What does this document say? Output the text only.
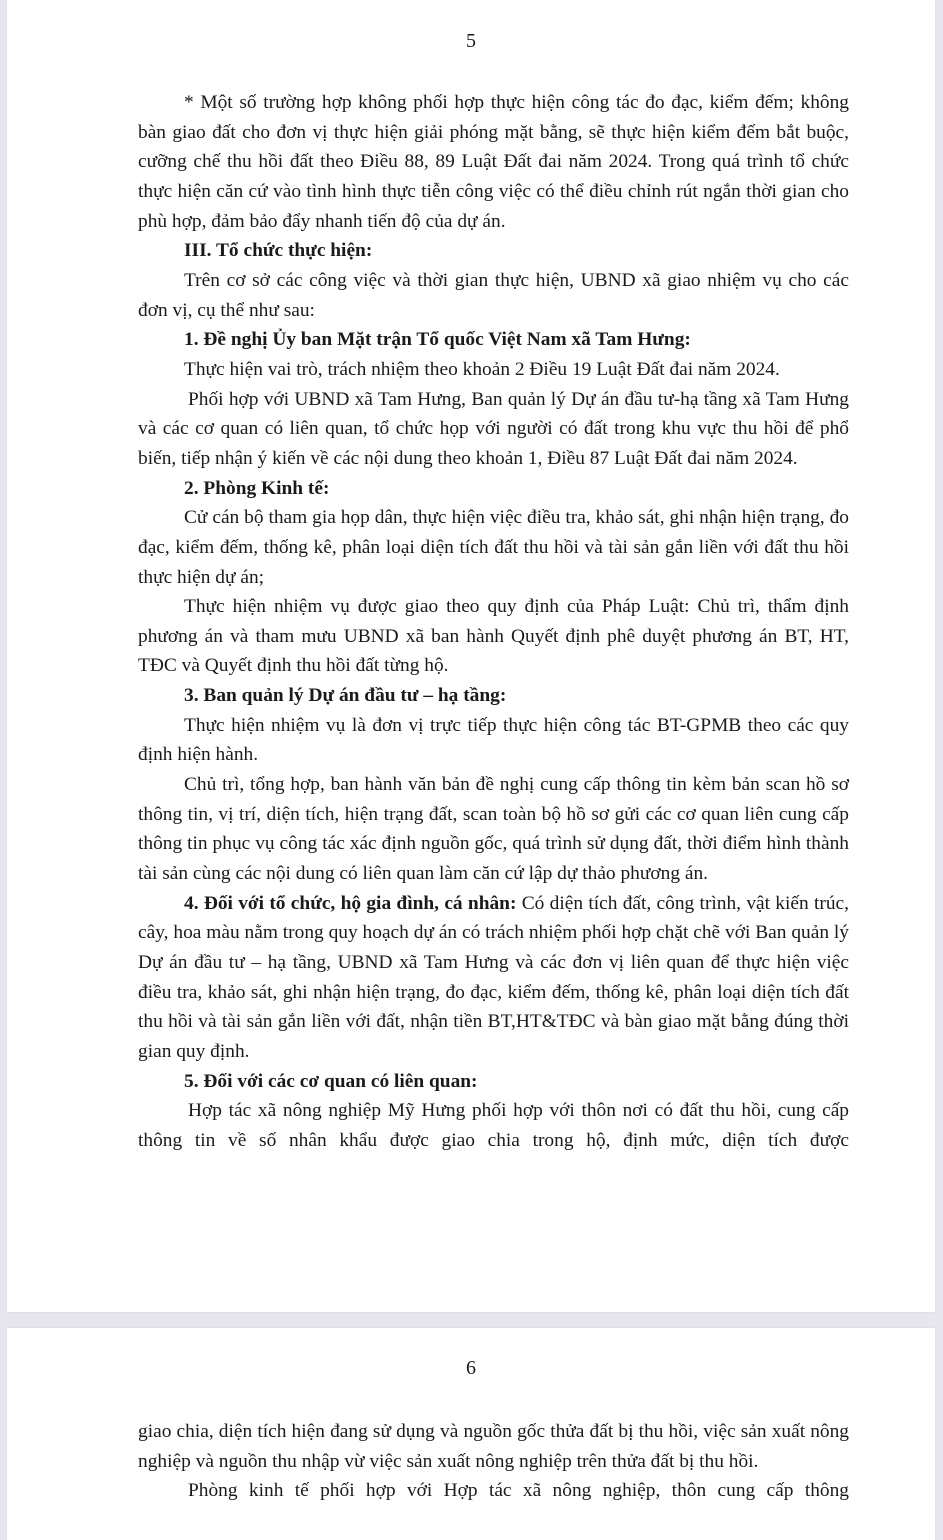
5

* Một số trường hợp không phối hợp thực hiện công tác đo đạc, kiểm đếm; không bàn giao đất cho đơn vị thực hiện giải phóng mặt bằng, sẽ thực hiện kiểm đếm bắt buộc, cưỡng chế thu hồi đất theo Điều 88, 89 Luật Đất đai năm 2024. Trong quá trình tổ chức thực hiện căn cứ vào tình hình thực tiễn công việc có thể điều chỉnh rút ngắn thời gian cho phù hợp, đảm bảo đẩy nhanh tiến độ của dự án.

III. Tổ chức thực hiện:

Trên cơ sở các công việc và thời gian thực hiện, UBND xã giao nhiệm vụ cho các đơn vị, cụ thể như sau:

1. Đề nghị Ủy ban Mặt trận Tổ quốc Việt Nam xã Tam Hưng:

Thực hiện vai trò, trách nhiệm theo khoản 2 Điều 19 Luật Đất đai năm 2024.

Phối hợp với UBND xã Tam Hưng, Ban quản lý Dự án đầu tư-hạ tầng xã Tam Hưng và các cơ quan có liên quan, tổ chức họp với người có đất trong khu vực thu hồi để phổ biến, tiếp nhận ý kiến về các nội dung theo khoản 1, Điều 87 Luật Đất đai năm 2024.

2. Phòng Kinh tế:

Cử cán bộ tham gia họp dân, thực hiện việc điều tra, khảo sát, ghi nhận hiện trạng, đo đạc, kiểm đếm, thống kê, phân loại diện tích đất thu hồi và tài sản gắn liền với đất thu hồi thực hiện dự án;

Thực hiện nhiệm vụ được giao theo quy định của Pháp Luật: Chủ trì, thẩm định phương án và tham mưu UBND xã ban hành Quyết định phê duyệt phương án BT, HT, TĐC và Quyết định thu hồi đất từng hộ.

3. Ban quản lý Dự án đầu tư – hạ tầng:

Thực hiện nhiệm vụ là đơn vị trực tiếp thực hiện công tác BT-GPMB theo các quy định hiện hành.

Chủ trì, tổng hợp, ban hành văn bản đề nghị cung cấp thông tin kèm bản scan hồ sơ thông tin, vị trí, diện tích, hiện trạng đất, scan toàn bộ hồ sơ gửi các cơ quan liên cung cấp thông tin phục vụ công tác xác định nguồn gốc, quá trình sử dụng đất, thời điểm hình thành tài sản cùng các nội dung có liên quan làm căn cứ lập dự thảo phương án.

4. Đối với tổ chức, hộ gia đình, cá nhân: Có diện tích đất, công trình, vật kiến trúc, cây, hoa màu nằm trong quy hoạch dự án có trách nhiệm phối hợp chặt chẽ với Ban quản lý Dự án đầu tư – hạ tầng, UBND xã Tam Hưng và các đơn vị liên quan để thực hiện việc điều tra, khảo sát, ghi nhận hiện trạng, đo đạc, kiểm đếm, thống kê, phân loại diện tích đất thu hồi và tài sản gắn liền với đất, nhận tiền BT,HT&TĐC và bàn giao mặt bằng đúng thời gian quy định.

5. Đối với các cơ quan có liên quan:

Hợp tác xã nông nghiệp Mỹ Hưng phối hợp với thôn nơi có đất thu hồi, cung cấp thông tin về số nhân khẩu được giao chia trong hộ, định mức, diện tích được

6

giao chia, diện tích hiện đang sử dụng và nguồn gốc thửa đất bị thu hồi, việc sản xuất nông nghiệp và nguồn thu nhập vừ việc sản xuất nông nghiệp trên thửa đất bị thu hồi.

Phòng kinh tế phối hợp với Hợp tác xã nông nghiệp, thôn cung cấp thông
